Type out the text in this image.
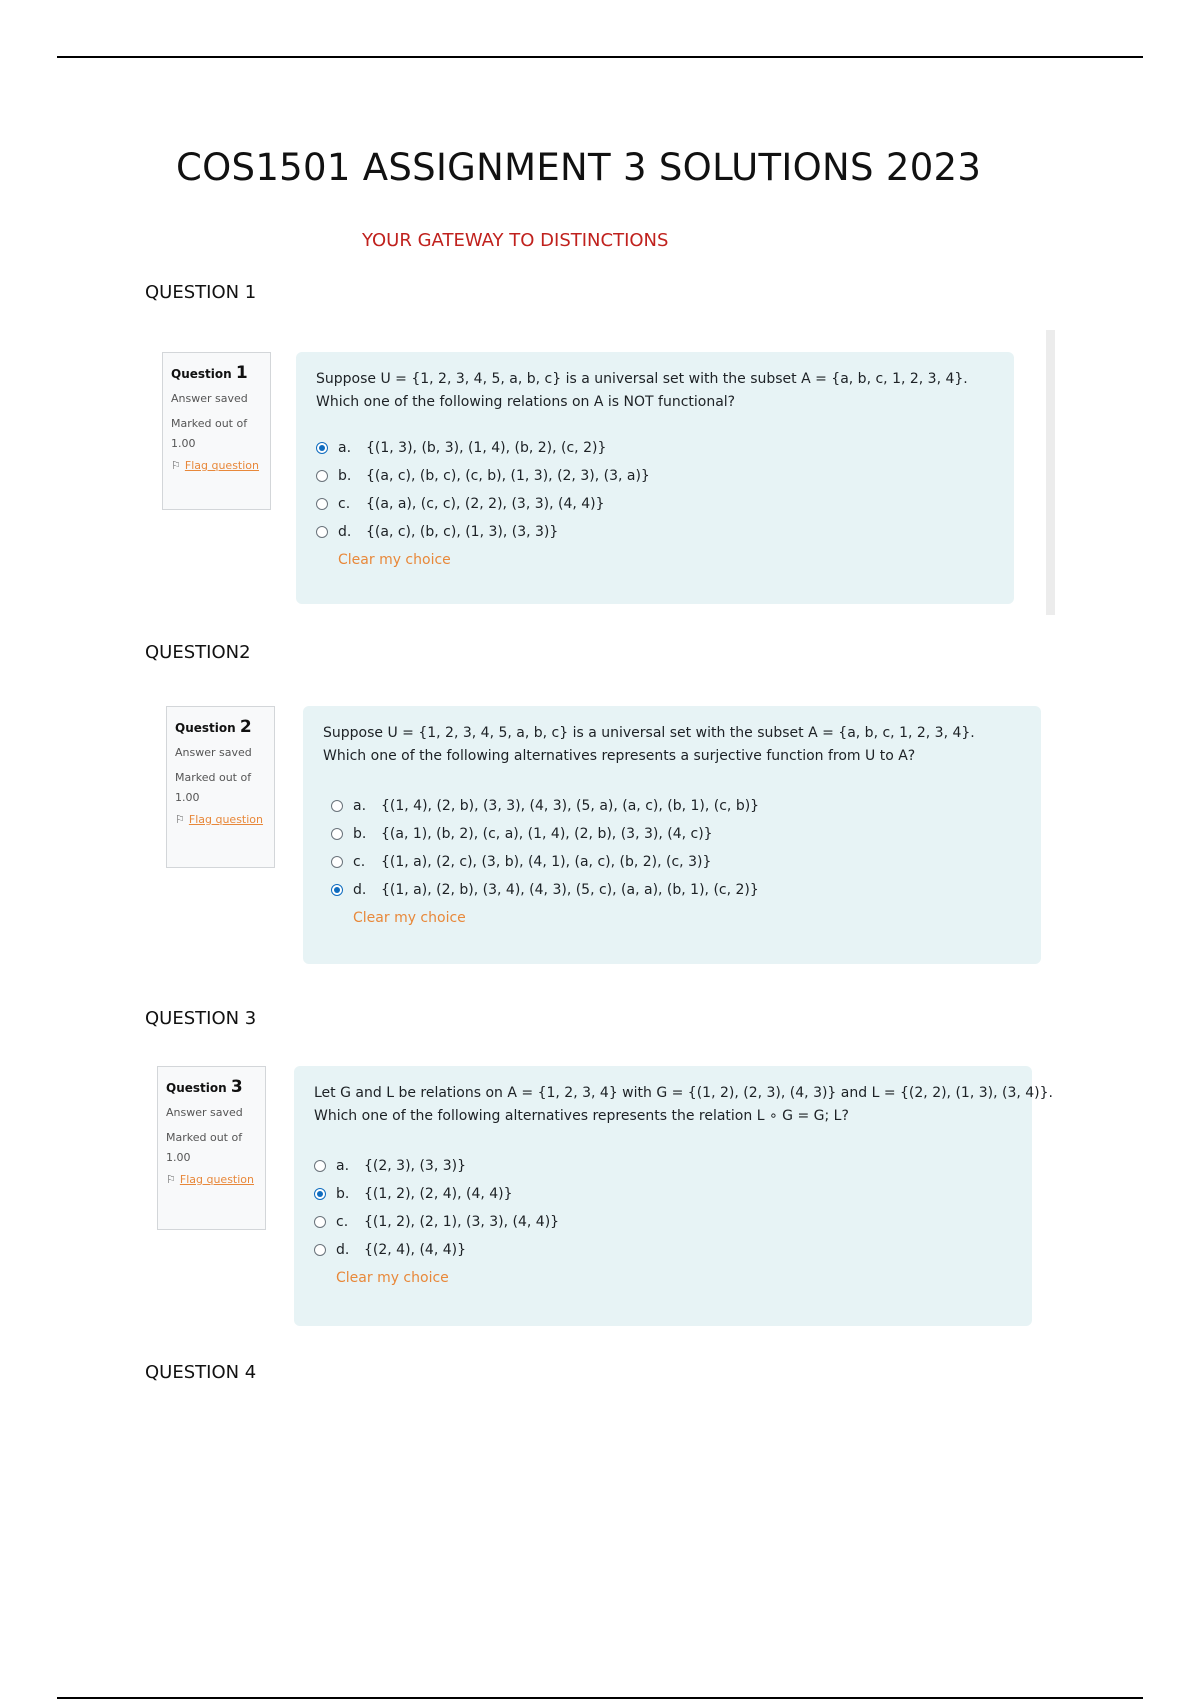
COS1501 ASSIGNMENT 3 SOLUTIONS 2023
YOUR GATEWAY TO DISTINCTIONS
QUESTION 1
Question 1
Answer saved
Marked out of
1.00
⚐ Flag question
Suppose U = {1, 2, 3, 4, 5, a, b, c} is a universal set with the subset A = {a, b, c, 1, 2, 3, 4}.
Which one of the following relations on A is NOT functional?
a.	{(1, 3), (b, 3), (1, 4), (b, 2), (c, 2)}
b.	{(a, c), (b, c), (c, b), (1, 3), (2, 3), (3, a)}
c.	{(a, a), (c, c), (2, 2), (3, 3), (4, 4)}
d.	{(a, c), (b, c), (1, 3), (3, 3)}
Clear my choice
QUESTION2
Question 2
Answer saved
Marked out of
1.00
⚐ Flag question
Suppose U = {1, 2, 3, 4, 5, a, b, c} is a universal set with the subset A = {a, b, c, 1, 2, 3, 4}.
Which one of the following alternatives represents a surjective function from U to A?
a.	{(1, 4), (2, b), (3, 3), (4, 3), (5, a), (a, c), (b, 1), (c, b)}
b.	{(a, 1), (b, 2), (c, a), (1, 4), (2, b), (3, 3), (4, c)}
c.	{(1, a), (2, c), (3, b), (4, 1), (a, c), (b, 2), (c, 3)}
d.	{(1, a), (2, b), (3, 4), (4, 3), (5, c), (a, a), (b, 1), (c, 2)}
Clear my choice
QUESTION 3
Question 3
Answer saved
Marked out of
1.00
⚐ Flag question
Let G and L be relations on A = {1, 2, 3, 4} with G = {(1, 2), (2, 3), (4, 3)} and L = {(2, 2), (1, 3), (3, 4)}.
Which one of the following alternatives represents the relation L ∘ G = G; L?
a.	{(2, 3), (3, 3)}
b.	{(1, 2), (2, 4), (4, 4)}
c.	{(1, 2), (2, 1), (3, 3), (4, 4)}
d.	{(2, 4), (4, 4)}
Clear my choice
QUESTION 4
